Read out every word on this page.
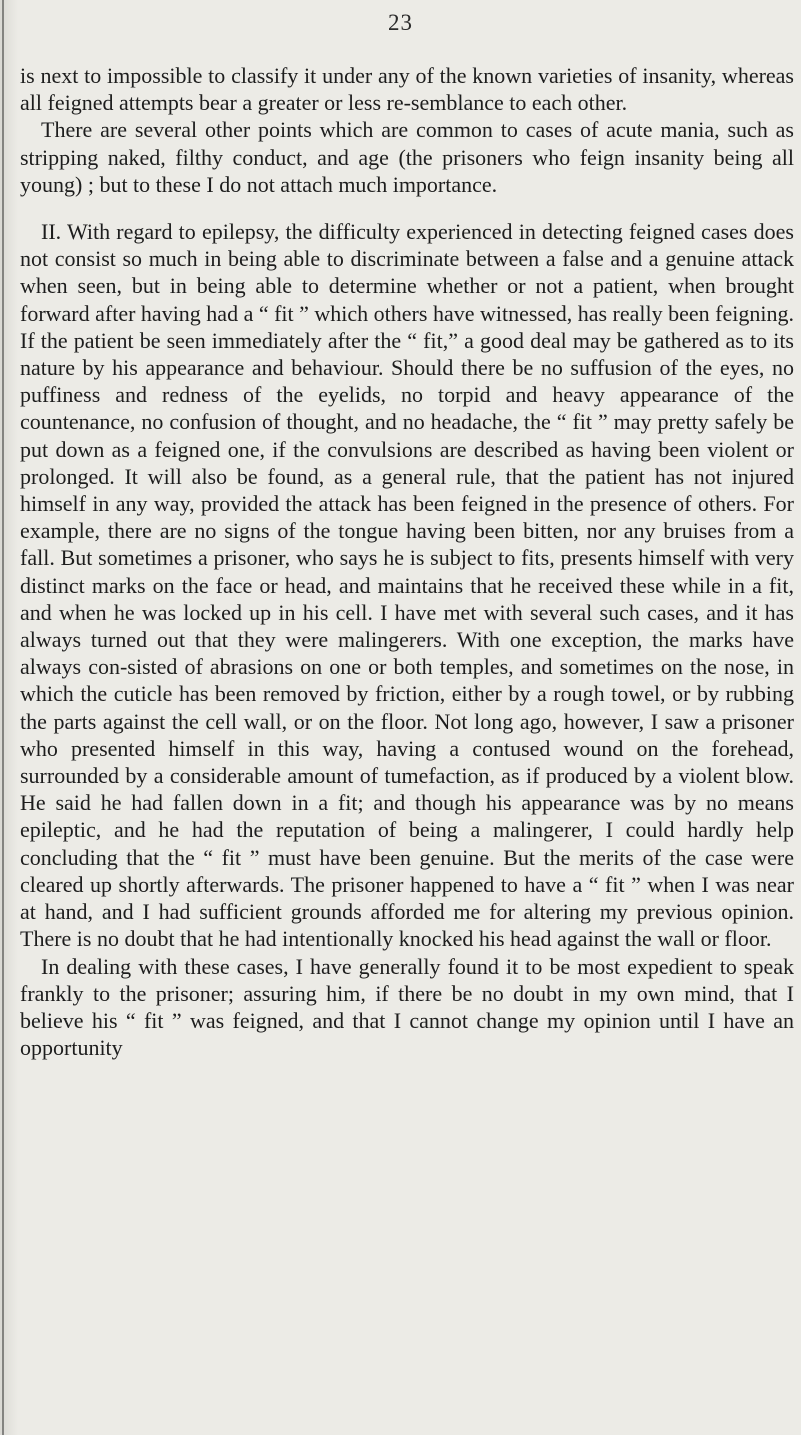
23

is next to impossible to classify it under any of the known varieties of insanity, whereas all feigned attempts bear a greater or less re-semblance to each other.

There are several other points which are common to cases of acute mania, such as stripping naked, filthy conduct, and age (the prisoners who feign insanity being all young) ; but to these I do not attach much importance.

II. With regard to epilepsy, the difficulty experienced in detecting feigned cases does not consist so much in being able to discriminate between a false and a genuine attack when seen, but in being able to determine whether or not a patient, when brought forward after having had a “ fit ” which others have witnessed, has really been feigning. If the patient be seen immediately after the “ fit,” a good deal may be gathered as to its nature by his appearance and behaviour. Should there be no suffusion of the eyes, no puffiness and redness of the eyelids, no torpid and heavy appearance of the countenance, no confusion of thought, and no headache, the “ fit ” may pretty safely be put down as a feigned one, if the convulsions are described as having been violent or prolonged. It will also be found, as a general rule, that the patient has not injured himself in any way, provided the attack has been feigned in the presence of others. For example, there are no signs of the tongue having been bitten, nor any bruises from a fall. But sometimes a prisoner, who says he is subject to fits, presents himself with very distinct marks on the face or head, and maintains that he received these while in a fit, and when he was locked up in his cell. I have met with several such cases, and it has always turned out that they were malingerers. With one exception, the marks have always con-sisted of abrasions on one or both temples, and sometimes on the nose, in which the cuticle has been removed by friction, either by a rough towel, or by rubbing the parts against the cell wall, or on the floor. Not long ago, however, I saw a prisoner who presented himself in this way, having a contused wound on the forehead, surrounded by a considerable amount of tumefaction, as if produced by a violent blow. He said he had fallen down in a fit; and though his appearance was by no means epileptic, and he had the reputation of being a malingerer, I could hardly help concluding that the “ fit ” must have been genuine. But the merits of the case were cleared up shortly afterwards. The prisoner happened to have a “ fit ” when I was near at hand, and I had sufficient grounds afforded me for altering my previous opinion. There is no doubt that he had intentionally knocked his head against the wall or floor.

In dealing with these cases, I have generally found it to be most expedient to speak frankly to the prisoner; assuring him, if there be no doubt in my own mind, that I believe his “ fit ” was feigned, and that I cannot change my opinion until I have an opportunity
